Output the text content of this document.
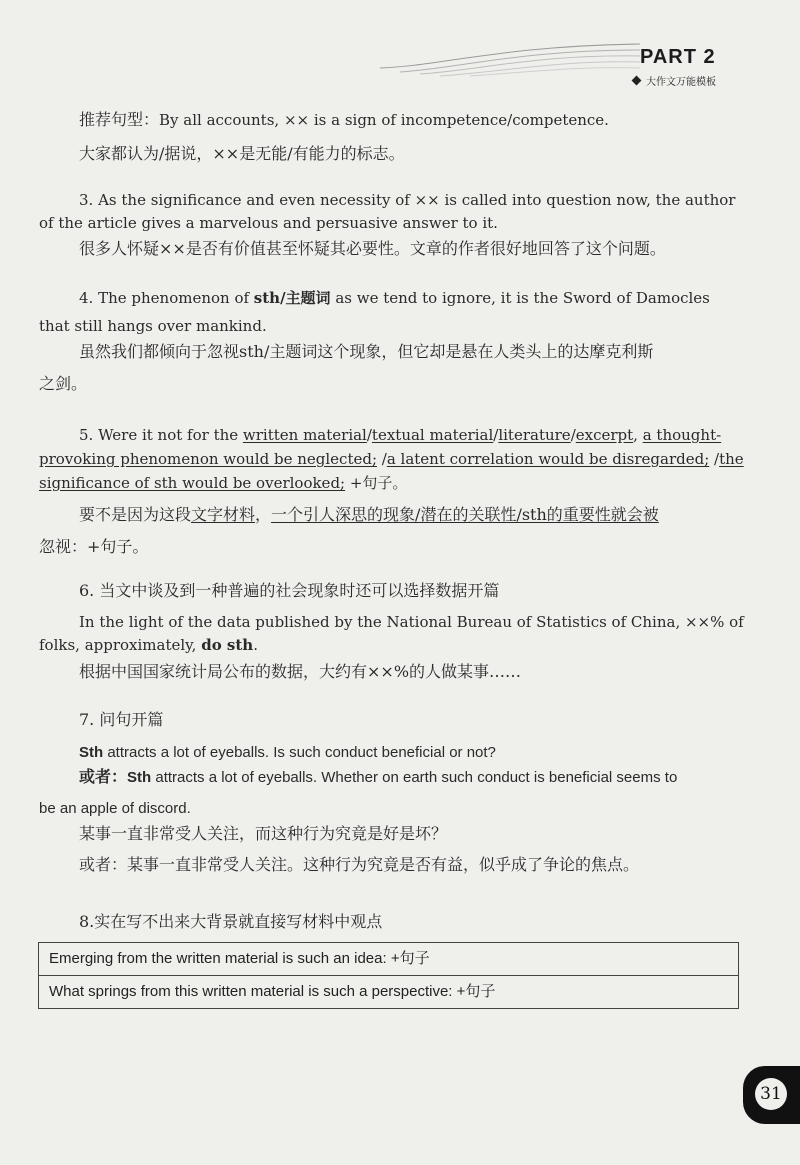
PART 2
大作文万能模板
推荐句型：By all accounts, ×× is a sign of incompetence/competence.
大家都认为/据说，××是无能/有能力的标志。
3. As the significance and even necessity of ×× is called into question now, the author
of the article gives a marvelous and persuasive answer to it.
很多人怀疑××是否有价值甚至怀疑其必要性。文章的作者很好地回答了这个问题。
4. The phenomenon of sth/主题词 as we tend to ignore, it is the Sword of Damocles
that still hangs over mankind.
虽然我们都倾向于忽视sth/主题词这个现象，但它却是悬在人类头上的达摩克利斯
之剑。
5. Were it not for the written material/textual material/literature/excerpt, a thought-
provoking phenomenon would be neglected; /a latent correlation would be disregarded; /the
significance of sth would be overlooked; +句子。
要不是因为这段文字材料，一个引人深思的现象/潜在的关联性/sth的重要性就会被
忽视：+句子。
6. 当文中谈及到一种普遍的社会现象时还可以选择数据开篇
In the light of the data published by the National Bureau of Statistics of China, ××% of
folks, approximately, do sth.
根据中国国家统计局公布的数据，大约有××%的人做某事……
7. 问句开篇
Sth attracts a lot of eyeballs. Is such conduct beneficial or not?
或者：Sth attracts a lot of eyeballs. Whether on earth such conduct is beneficial seems to
be an apple of discord.
某事一直非常受人关注，而这种行为究竟是好是坏？
或者：某事一直非常受人关注。这种行为究竟是否有益，似乎成了争论的焦点。
8.实在写不出来大背景就直接写材料中观点
Emerging from the written material is such an idea: +句子
What springs from this written material is such a perspective: +句子
31
